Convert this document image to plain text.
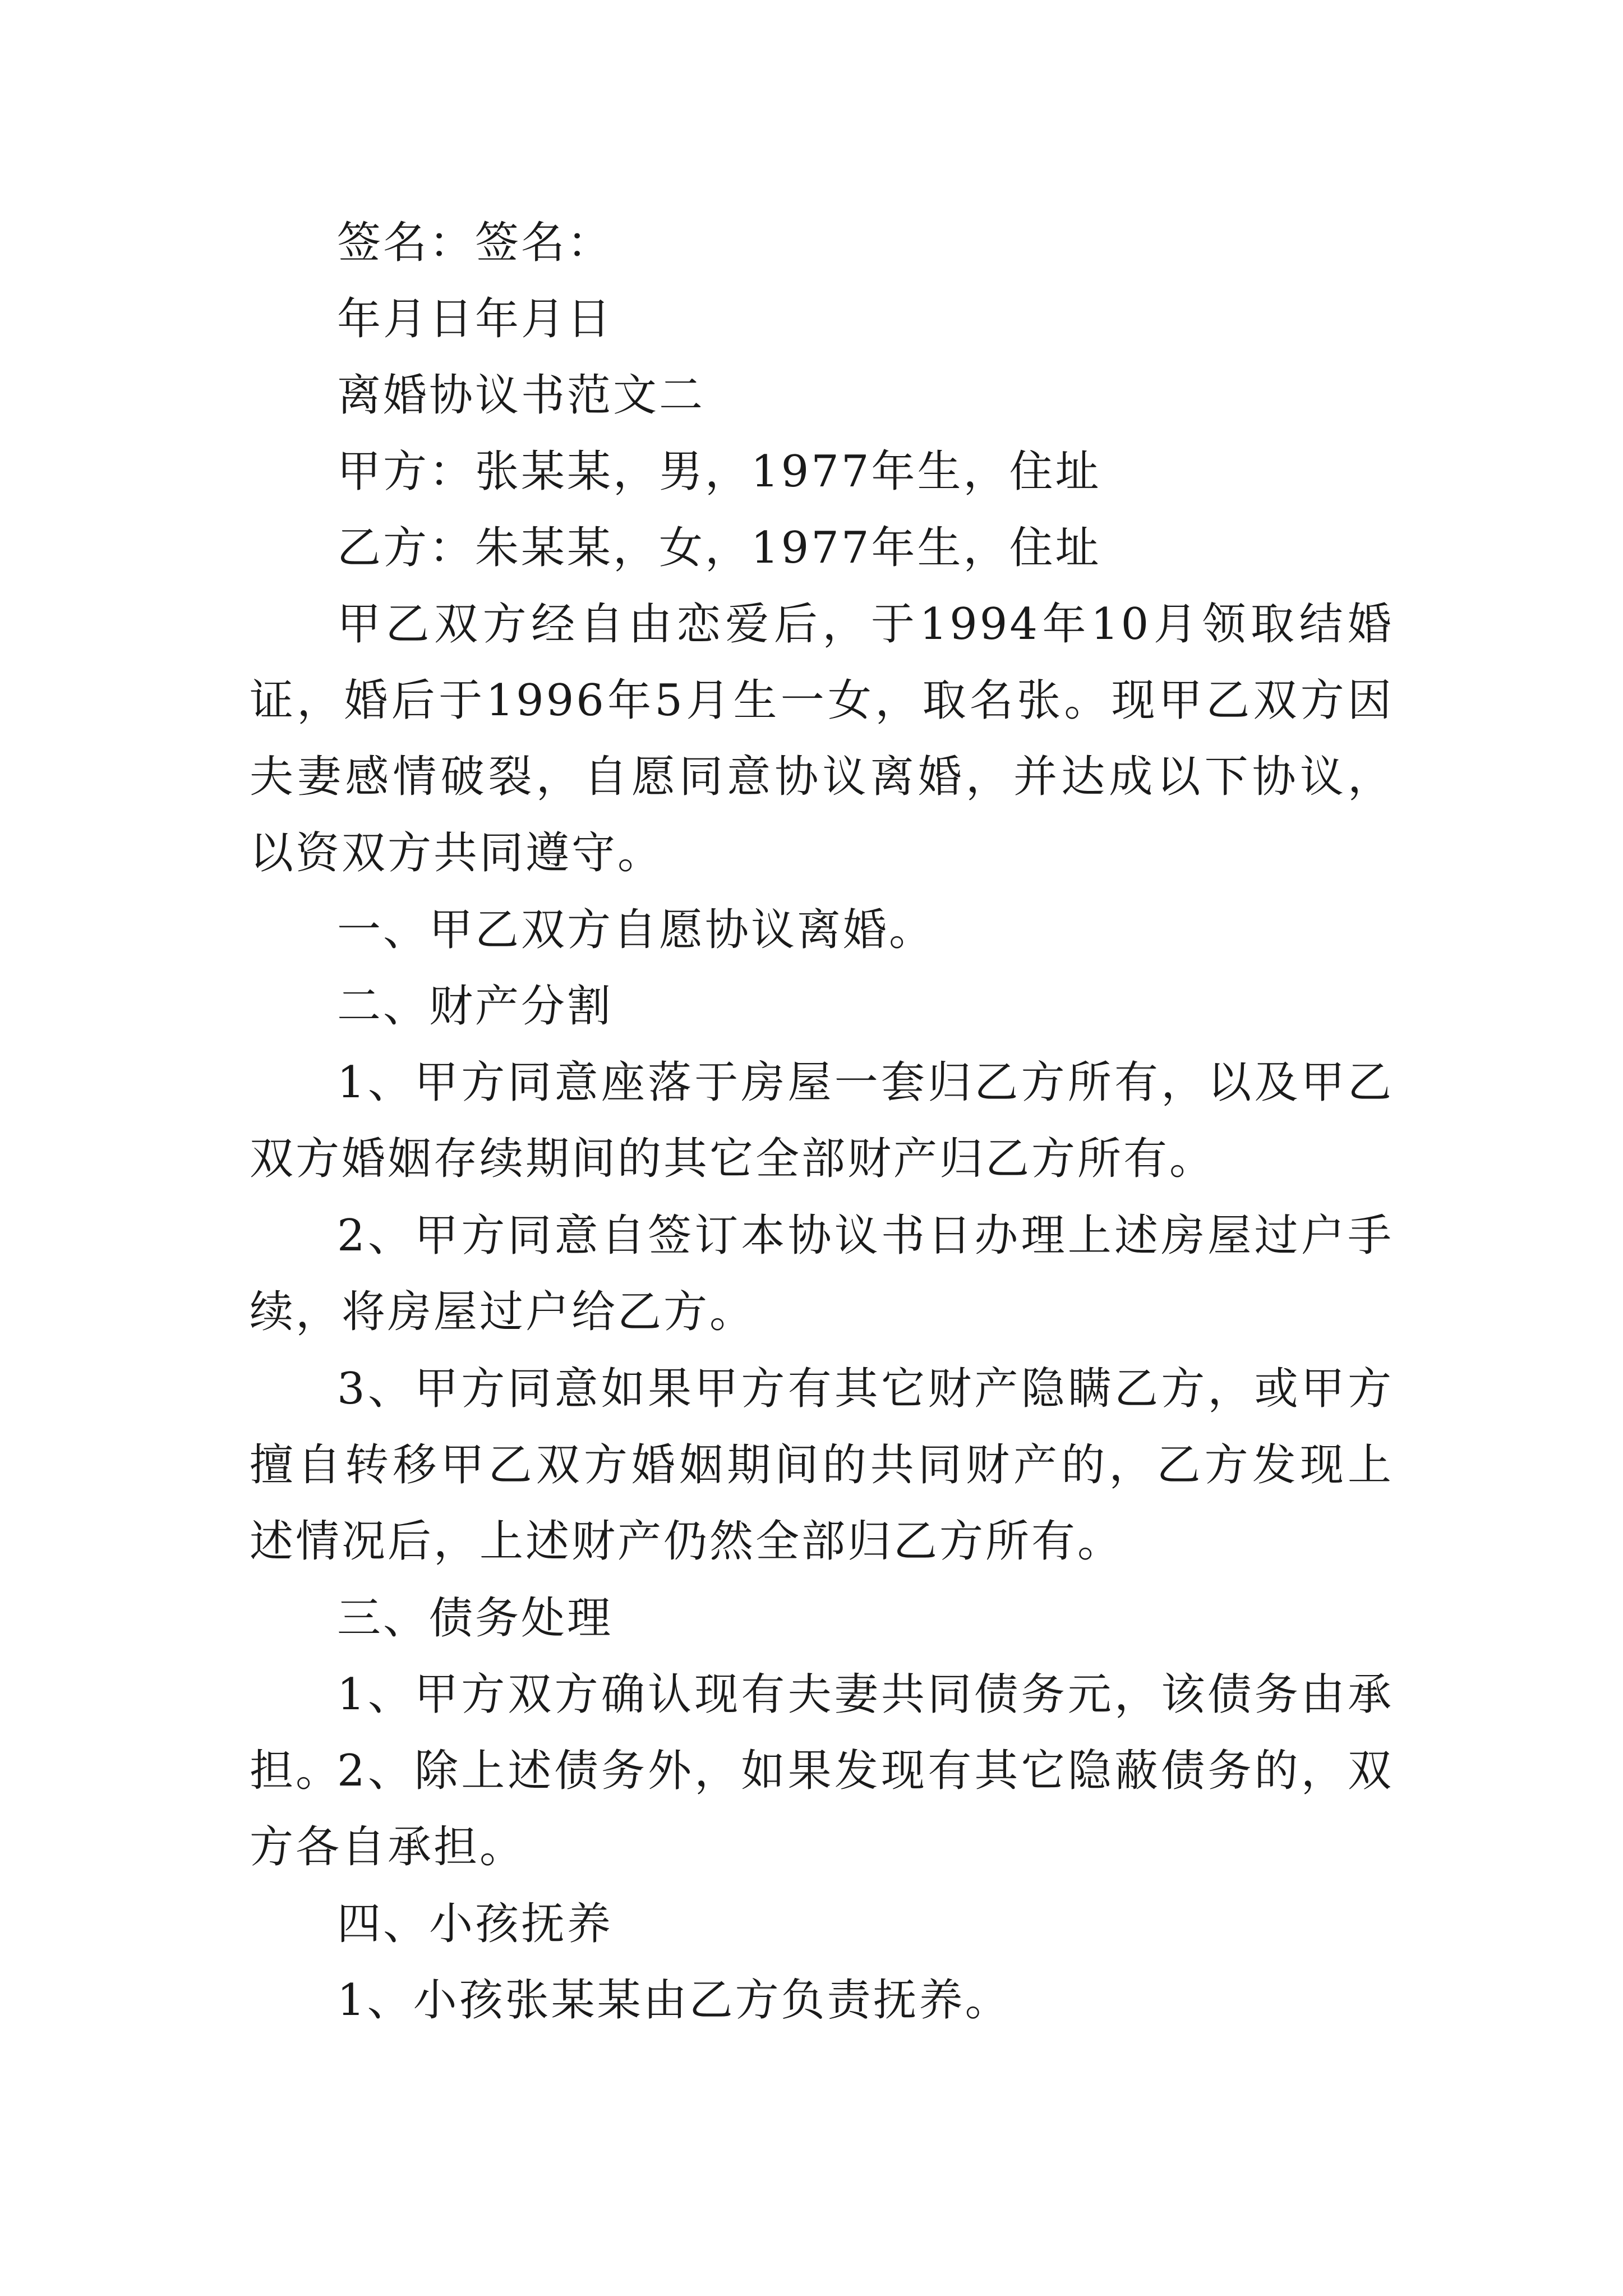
签名：签名：

年月日年月日

离婚协议书范文二

甲方：张某某，男，1977年生，住址

乙方：朱某某，女，1977年生，住址

甲乙双方经自由恋爱后，于1994年10月领取结婚证，婚后于1996年5月生一女，取名张。现甲乙双方因夫妻感情破裂，自愿同意协议离婚，并达成以下协议，以资双方共同遵守。

一、甲乙双方自愿协议离婚。

二、财产分割

1、甲方同意座落于房屋一套归乙方所有，以及甲乙双方婚姻存续期间的其它全部财产归乙方所有。

2、甲方同意自签订本协议书日办理上述房屋过户手续，将房屋过户给乙方。

3、甲方同意如果甲方有其它财产隐瞒乙方，或甲方擅自转移甲乙双方婚姻期间的共同财产的，乙方发现上述情况后，上述财产仍然全部归乙方所有。

三、债务处理

1、甲方双方确认现有夫妻共同债务元，该债务由承担。

2、除上述债务外，如果发现有其它隐蔽债务的，双方各自承担。

四、小孩抚养

1、小孩张某某由乙方负责抚养。
